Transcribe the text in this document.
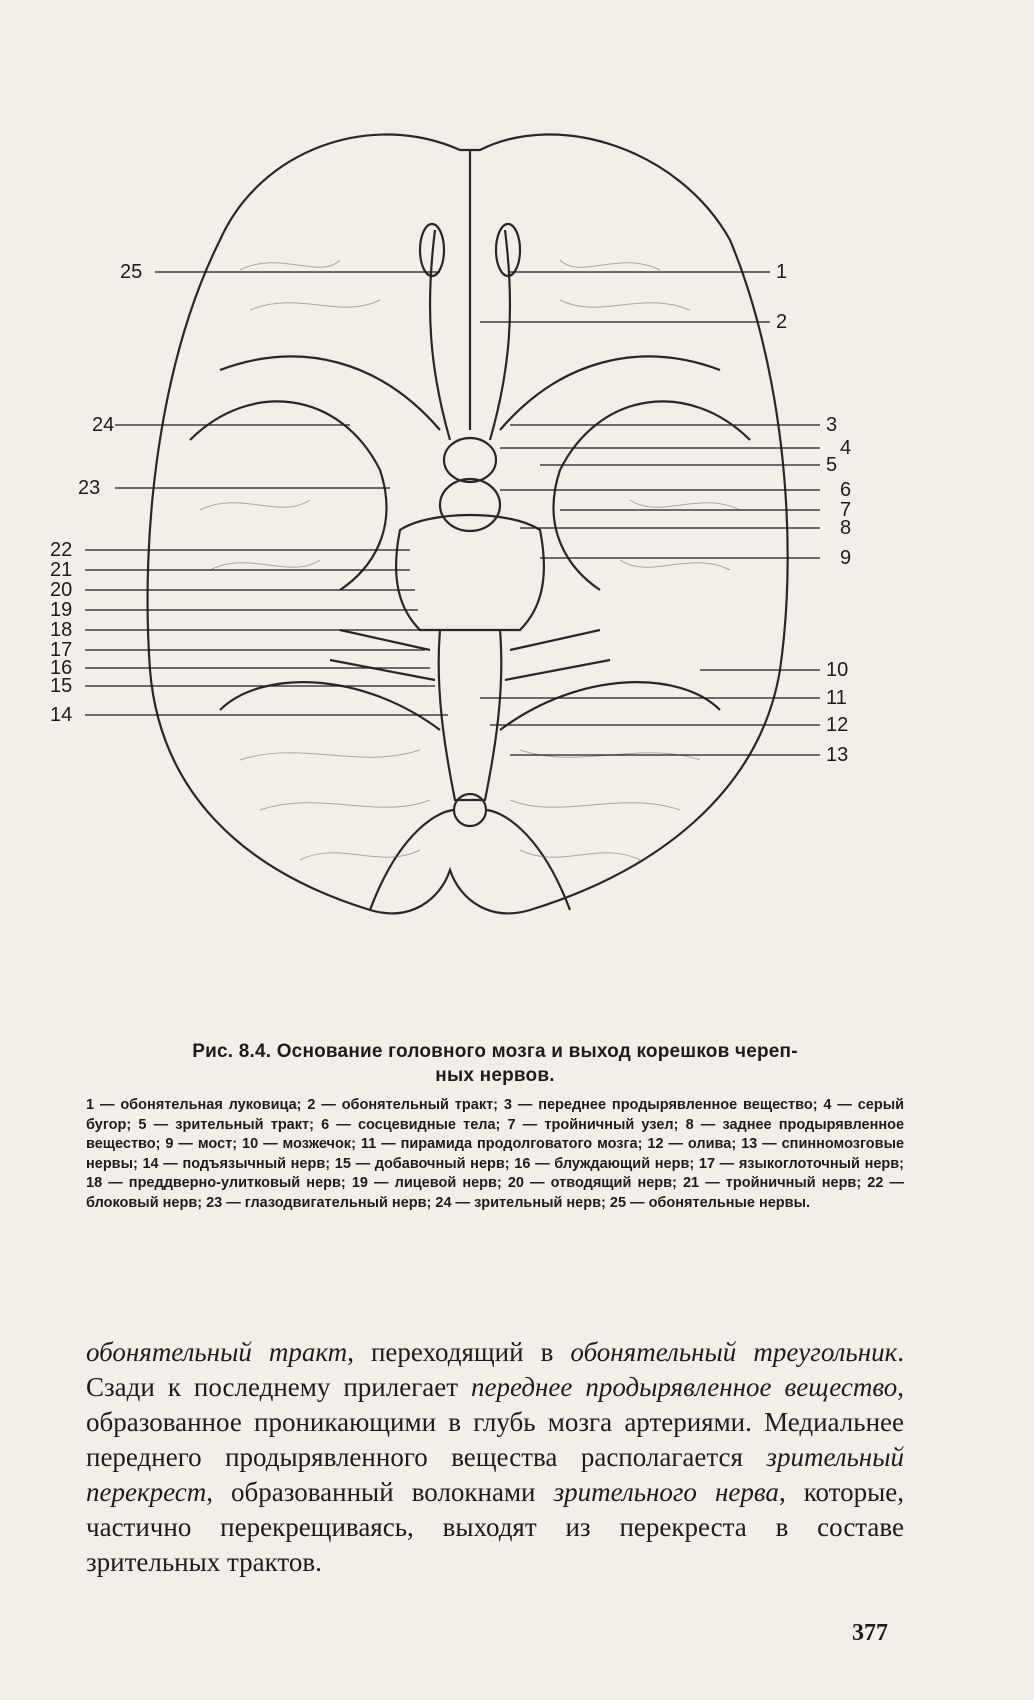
25
24
23
22
21
20
19
18
17
16
15
14
1
2
3
4
5
6
7
8
9
10
11
12
13
Рис. 8.4. Основание головного мозга и выход корешков череп-
ных нервов.
1 — обонятельная луковица; 2 — обонятельный тракт; 3 — переднее продырявленное вещество; 4 — серый бугор; 5 — зрительный тракт; 6 — сосцевидные тела; 7 — тройничный узел; 8 — заднее продырявленное вещество; 9 — мост; 10 — мозжечок; 11 — пирамида продолговатого мозга; 12 — олива; 13 — спинномозговые нервы; 14 — подъязычный нерв; 15 — добавочный нерв; 16 — блуждающий нерв; 17 — языкоглоточный нерв; 18 — преддверно-улитковый нерв; 19 — лицевой нерв; 20 — отводящий нерв; 21 — тройничный нерв; 22 — блоковый нерв; 23 — глазодвигательный нерв; 24 — зрительный нерв; 25 — обонятельные нервы.
обонятельный тракт, переходящий в обонятельный треугольник. Сзади к последнему прилегает переднее продырявленное вещество, образованное проникающими в глубь мозга артериями. Медиальнее переднего продырявленного вещества располагается зрительный перекрест, образованный волокнами зрительного нерва, которые, частично перекрещиваясь, выходят из перекреста в составе зрительных трактов.
377
